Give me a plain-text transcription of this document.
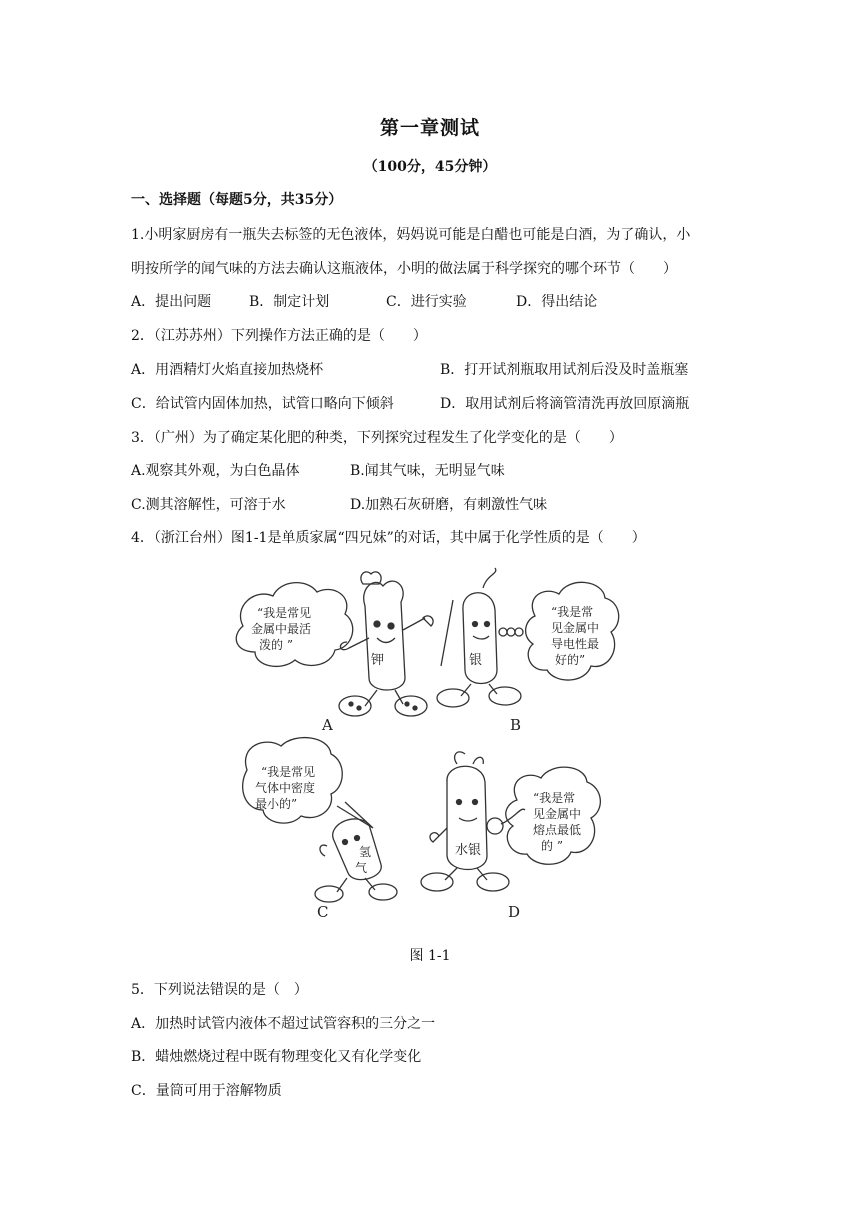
第一章测试
（100分，45分钟）
一、选择题（每题5分，共35分）
1.小明家厨房有一瓶失去标签的无色液体，妈妈说可能是白醋也可能是白酒，为了确认，小
明按所学的闻气味的方法去确认这瓶液体，小明的做法属于科学探究的哪个环节（　　）
A．提出问题	B．制定计划	C．进行实验	D．得出结论
2．（江苏苏州）下列操作方法正确的是（　　）
A．用酒精灯火焰直接加热烧杯	B．打开试剂瓶取用试剂后没及时盖瓶塞
C．给试管内固体加热，试管口略向下倾斜	D．取用试剂后将滴管清洗再放回原滴瓶
3．（广州）为了确定某化肥的种类，下列探究过程发生了化学变化的是（　　）
A.观察其外观，为白色晶体	B.闻其气味，无明显气味
C.测其溶解性，可溶于水	D.加熟石灰研磨，有刺激性气味
4．（浙江台州）图1-1是单质家属“四兄妹”的对话，其中属于化学性质的是（　　）
“我是常见
金属中最活
泼的 ”
钾
A
银
“我是常
见金属中
导电性最
好的”
B
“我是常见
气体中密度
最小的”
氢
气
C
水银
“我是常
见金属中
熔点最低
的 ”
D
图 1-1
5．下列说法错误的是（　）
A．加热时试管内液体不超过试管容积的三分之一
B．蜡烛燃烧过程中既有物理变化又有化学变化
C．量筒可用于溶解物质
